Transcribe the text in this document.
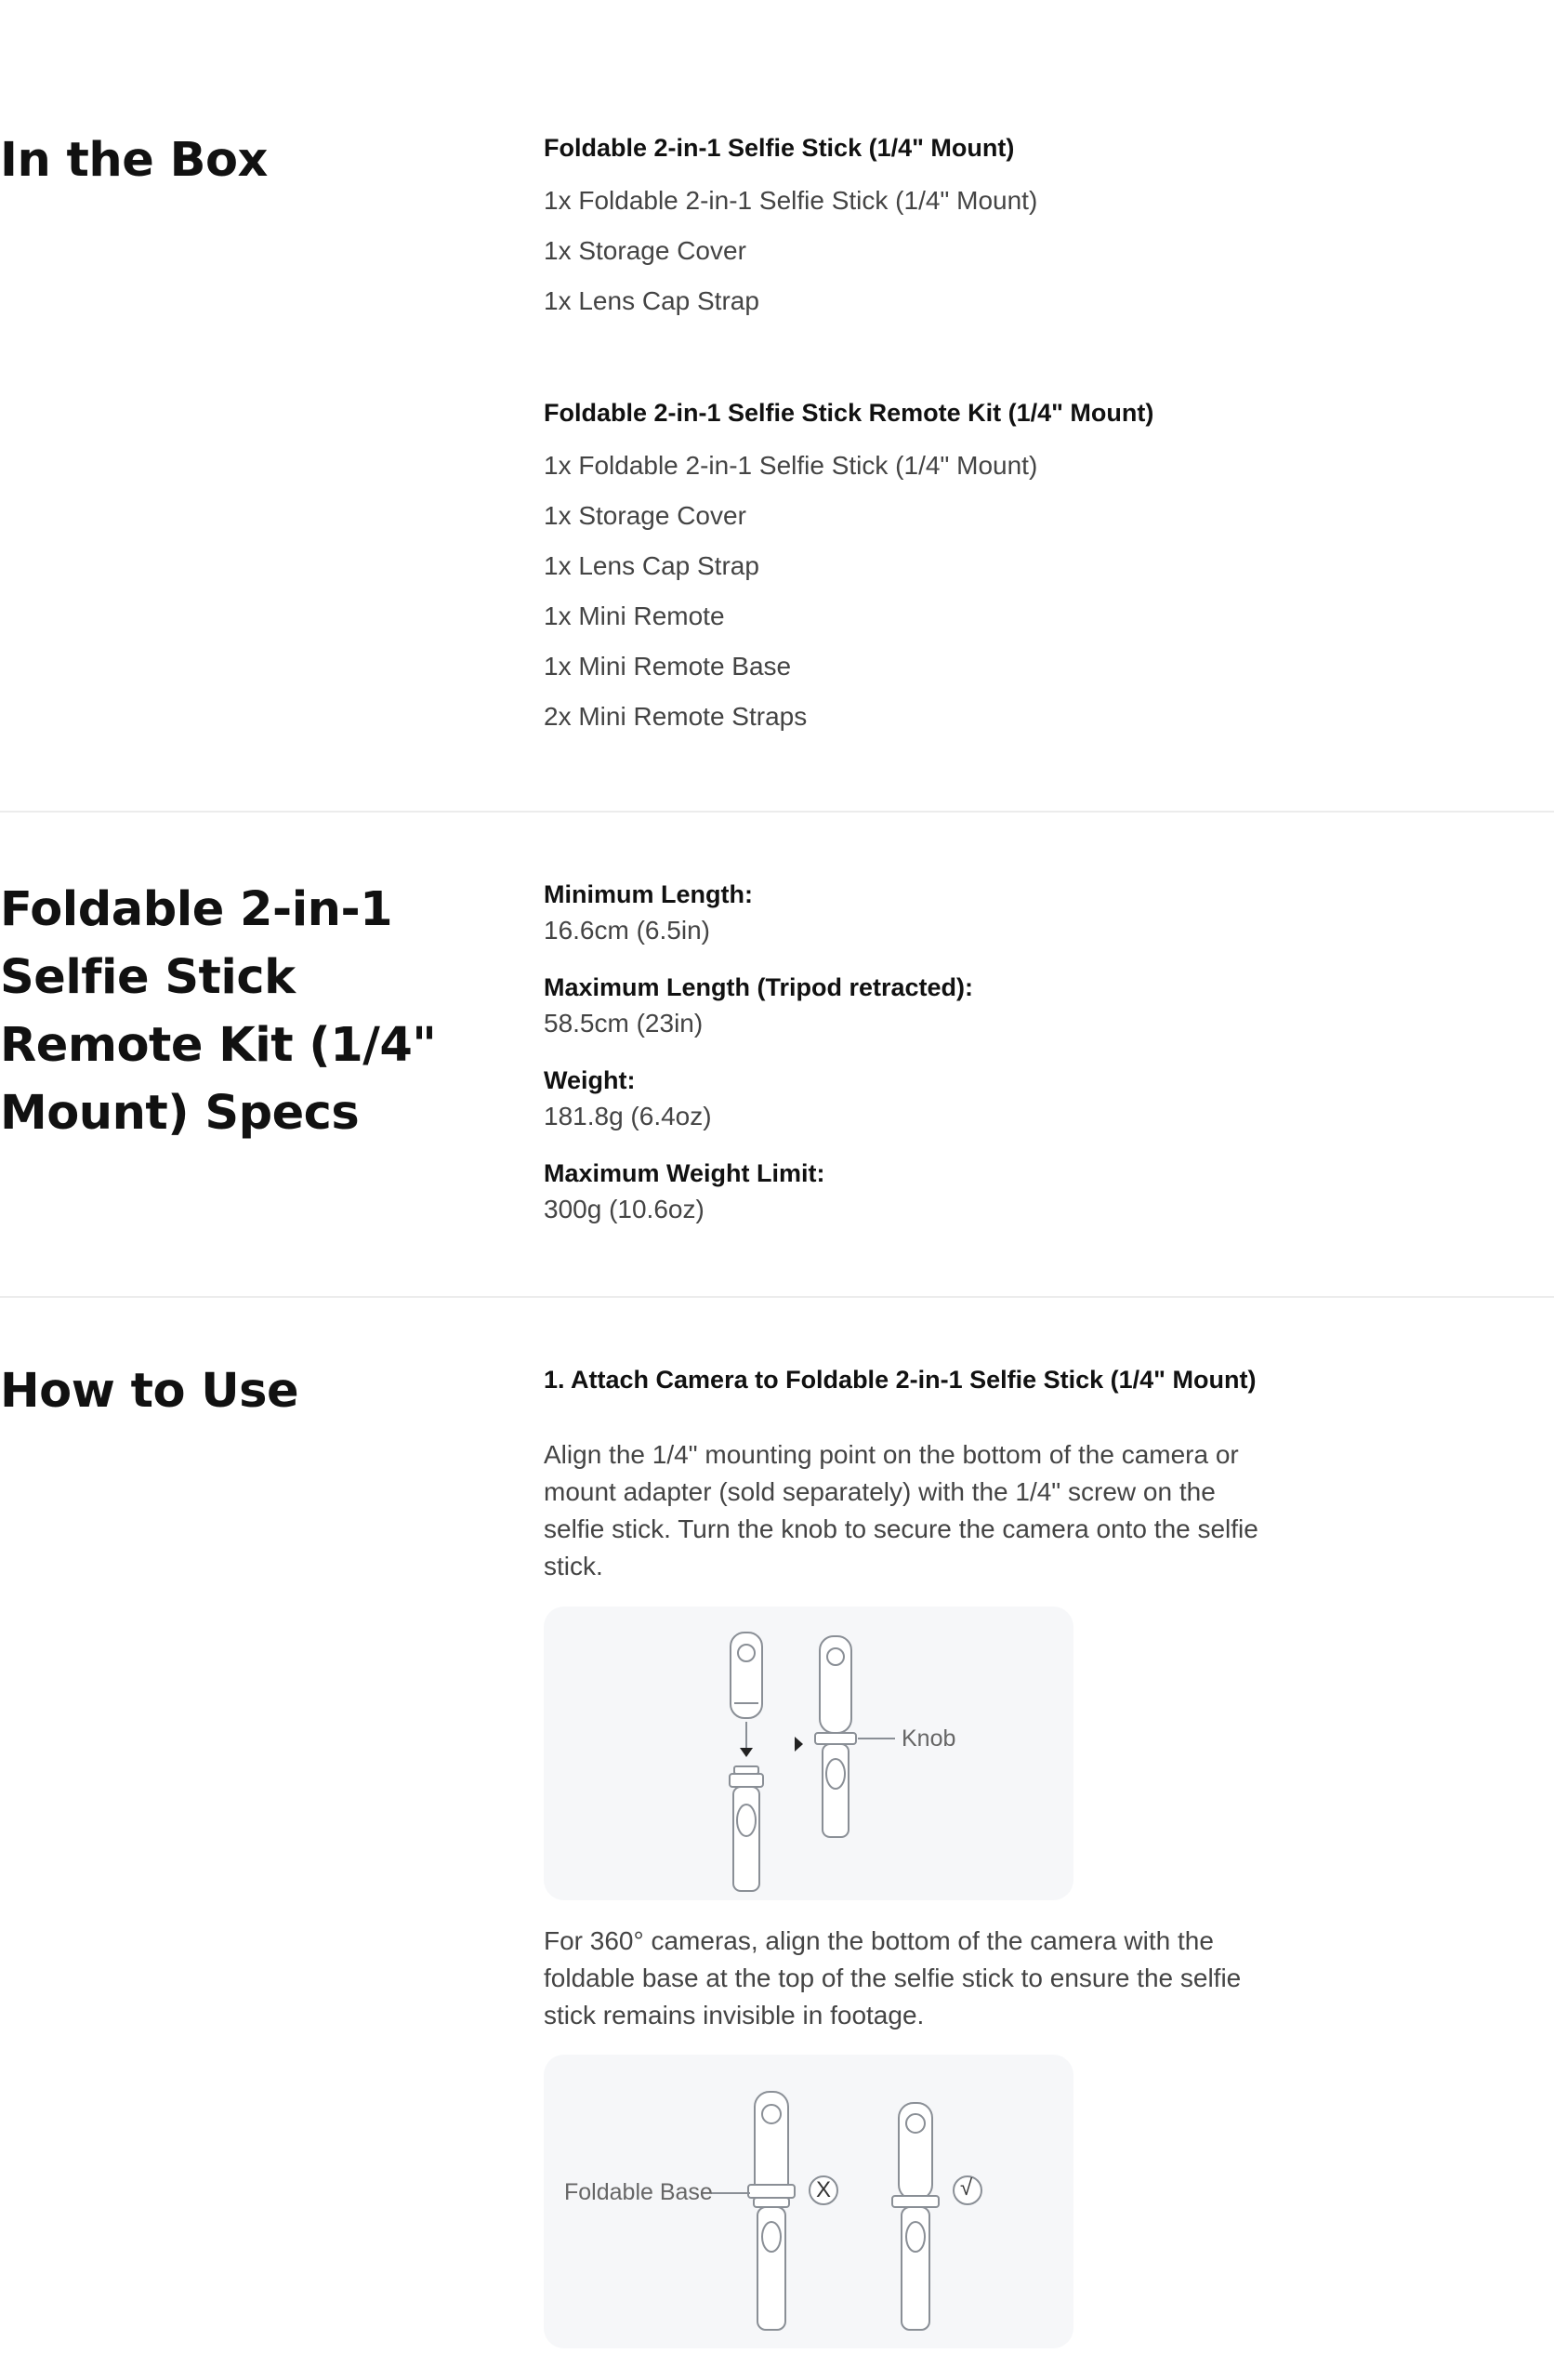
In the Box	Foldable 2-in-1 Selfie Stick (1/4" Mount)
1x Foldable 2-in-1 Selfie Stick (1/4" Mount)
1x Storage Cover
1x Lens Cap Strap
Foldable 2-in-1 Selfie Stick Remote Kit (1/4" Mount)
1x Foldable 2-in-1 Selfie Stick (1/4" Mount)
1x Storage Cover
1x Lens Cap Strap
1x Mini Remote
1x Mini Remote Base
2x Mini Remote Straps
Foldable 2-in-1 Selfie Stick Remote Kit (1/4" Mount) Specs
Minimum Length:
16.6cm (6.5in)
Maximum Length (Tripod retracted):
58.5cm (23in)
Weight:
181.8g (6.4oz)
Maximum Weight Limit:
300g (10.6oz)
How to Use	1. Attach Camera to Foldable 2-in-1 Selfie Stick (1/4" Mount)

Align the 1/4" mounting point on the bottom of the camera or mount adapter (sold separately) with the 1/4" screw on the selfie stick. Turn the knob to secure the camera onto the selfie stick.

Knob

For 360° cameras, align the bottom of the camera with the foldable base at the top of the selfie stick to ensure the selfie stick remains invisible in footage.

Foldable Base	X	√
